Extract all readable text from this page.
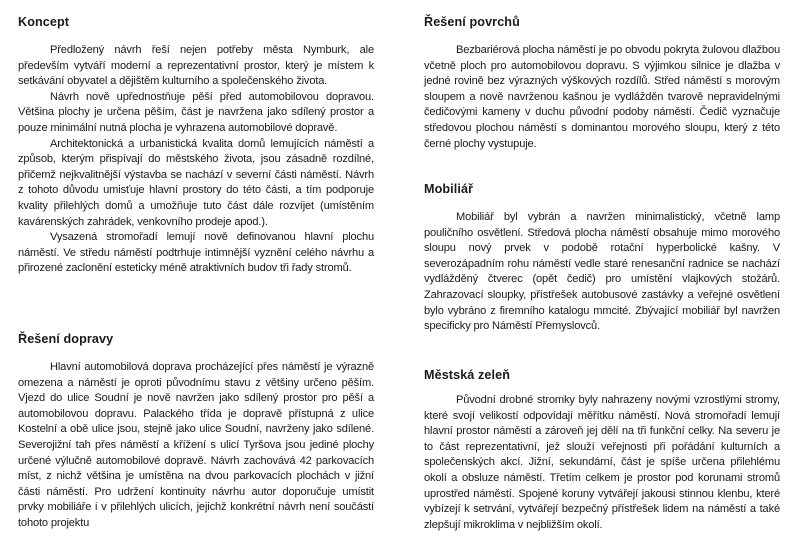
Koncept

Předložený návrh řeší nejen potřeby města Nymburk, ale především vytváří moderní a reprezentativní prostor, který je místem k setkávání obyvatel a dějištěm kulturního a společenského života.

Návrh nově upřednostňuje pěší před automobilovou dopravou. Většina plochy je určena pěším, část je navržena jako sdílený prostor a pouze minimální nutná plocha je vyhrazena automobilové dopravě.

Architektonická a urbanistická kvalita domů lemujících náměstí a způsob, kterým přispívají do městského života, jsou zásadně rozdílné, přičemž nejkvalitnější výstavba se nachází v severní části náměstí. Návrh z tohoto důvodu umisťuje hlavní prostory do této části, a tím podporuje kvality přilehlých domů a umožňuje tuto část dále rozvíjet (umístěním kavárenských zahrádek, venkovního prodeje apod.).

Vysazená stromořadí lemují nově definovanou hlavní plochu náměstí. Ve středu náměstí podtrhuje intimnější vyznění celého návrhu a přirozené zaclonění esteticky méně atraktivních budov tři řady stromů.

Řešení dopravy

Hlavní automobilová doprava procházející přes náměstí je výrazně omezena a náměstí je oproti původnímu stavu z většiny určeno pěším. Vjezd do ulice Soudní je nově navržen jako sdílený prostor pro pěší a automobilovou dopravu. Palackého třída je dopravě přístupná z ulice Kostelní a obě ulice jsou, stejně jako ulice Soudní, navrženy jako sdílené. Severojižní tah přes náměstí a křížení s ulicí Tyršova jsou jediné plochy určené výlučně automobilové dopravě. Návrh zachovává 42 parkovacích míst, z nichž většina je umístěna na dvou parkovacích plochách v jižní části náměstí. Pro udržení kontinuity návrhu autor doporučuje umístit prvky mobiliáře i v přilehlých ulicích, jejichž konkrétní návrh není součástí tohoto projektu

Řešení povrchů

Bezbariérová plocha náměstí je po obvodu pokryta žulovou dlažbou včetně ploch pro automobilovou dopravu. S výjimkou silnice je dlažba v jedné rovině bez výrazných výškových rozdílů. Střed náměstí s morovým sloupem a nově navrženou kašnou je vydlážděn tvarově nepravidelnými čedičovými kameny v duchu původní podoby náměstí. Čedič vyznačuje středovou plochou náměstí s dominantou morového sloupu, který z této černé plochy vystupuje.

Mobiliář

Mobiliář byl vybrán a navržen minimalistický, včetně lamp pouličního osvětlení. Středová plocha náměstí obsahuje mimo morového sloupu nový prvek v podobě rotační hyperbolické kašny. V severozápadním rohu náměstí vedle staré renesanční radnice se nachází vydlážděný čtverec (opět čedič) pro umístění vlajkových stožárů. Zahrazovací sloupky, přístřešek autobusové zastávky a veřejné osvětlení bylo vybráno z firemního katalogu mmcité. Zbývající mobiliář byl navržen specificky pro Náměstí Přemyslovců.

Městská zeleň

Původní drobné stromky byly nahrazeny novými vzrostlými stromy, které svojí velikostí odpovídají měřítku náměstí. Nová stromořadí lemují hlavní prostor náměstí a zároveň jej dělí na tři funkční celky. Na severu je to část reprezentativní, jež slouží veřejnosti při pořádání kulturních a společenských akcí. Jižní, sekundární, část je spíše určena přilehlému okolí a obsluze náměstí. Třetím celkem je prostor pod korunami stromů uprostřed náměstí. Spojené koruny vytvářejí jakousi stinnou klenbu, které vybízejí k setrvání, vytvářejí bezpečný přístřešek lidem na náměstí a také zlepšují mikroklima v nejbližším okolí.
